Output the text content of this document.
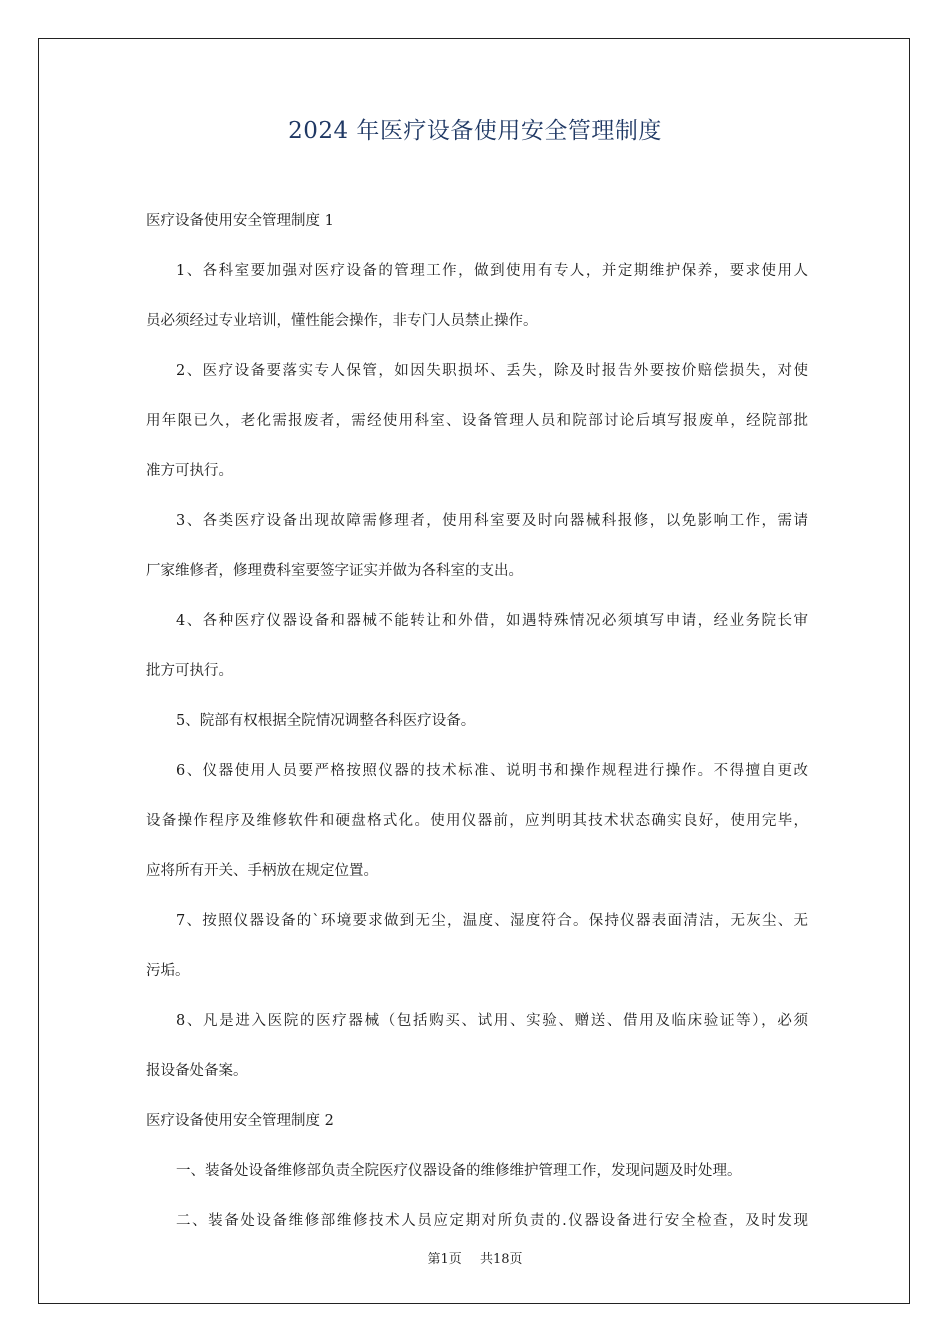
2024 年医疗设备使用安全管理制度
医疗设备使用安全管理制度 1
1、各科室要加强对医疗设备的管理工作，做到使用有专人，并定期维护保养，要求使用人
员必须经过专业培训，懂性能会操作，非专门人员禁止操作。
2、医疗设备要落实专人保管，如因失职损坏、丢失，除及时报告外要按价赔偿损失，对使
用年限已久，老化需报废者，需经使用科室、设备管理人员和院部讨论后填写报废单，经院部批
准方可执行。
3、各类医疗设备出现故障需修理者，使用科室要及时向器械科报修，以免影响工作，需请
厂家维修者，修理费科室要签字证实并做为各科室的支出。
4、各种医疗仪器设备和器械不能转让和外借，如遇特殊情况必须填写申请，经业务院长审
批方可执行。
5、院部有权根据全院情况调整各科医疗设备。
6、仪器使用人员要严格按照仪器的技术标准、说明书和操作规程进行操作。不得擅自更改
设备操作程序及维修软件和硬盘格式化。使用仪器前，应判明其技术状态确实良好，使用完毕，
应将所有开关、手柄放在规定位置。
7、按照仪器设备的`环境要求做到无尘，温度、湿度符合。保持仪器表面清洁，无灰尘、无
污垢。
8、凡是进入医院的医疗器械（包括购买、试用、实验、赠送、借用及临床验证等），必须
报设备处备案。
医疗设备使用安全管理制度 2
一、装备处设备维修部负责全院医疗仪器设备的维修维护管理工作，发现问题及时处理。
二、装备处设备维修部维修技术人员应定期对所负责的.仪器设备进行安全检查，及时发现
第1页 共18页
